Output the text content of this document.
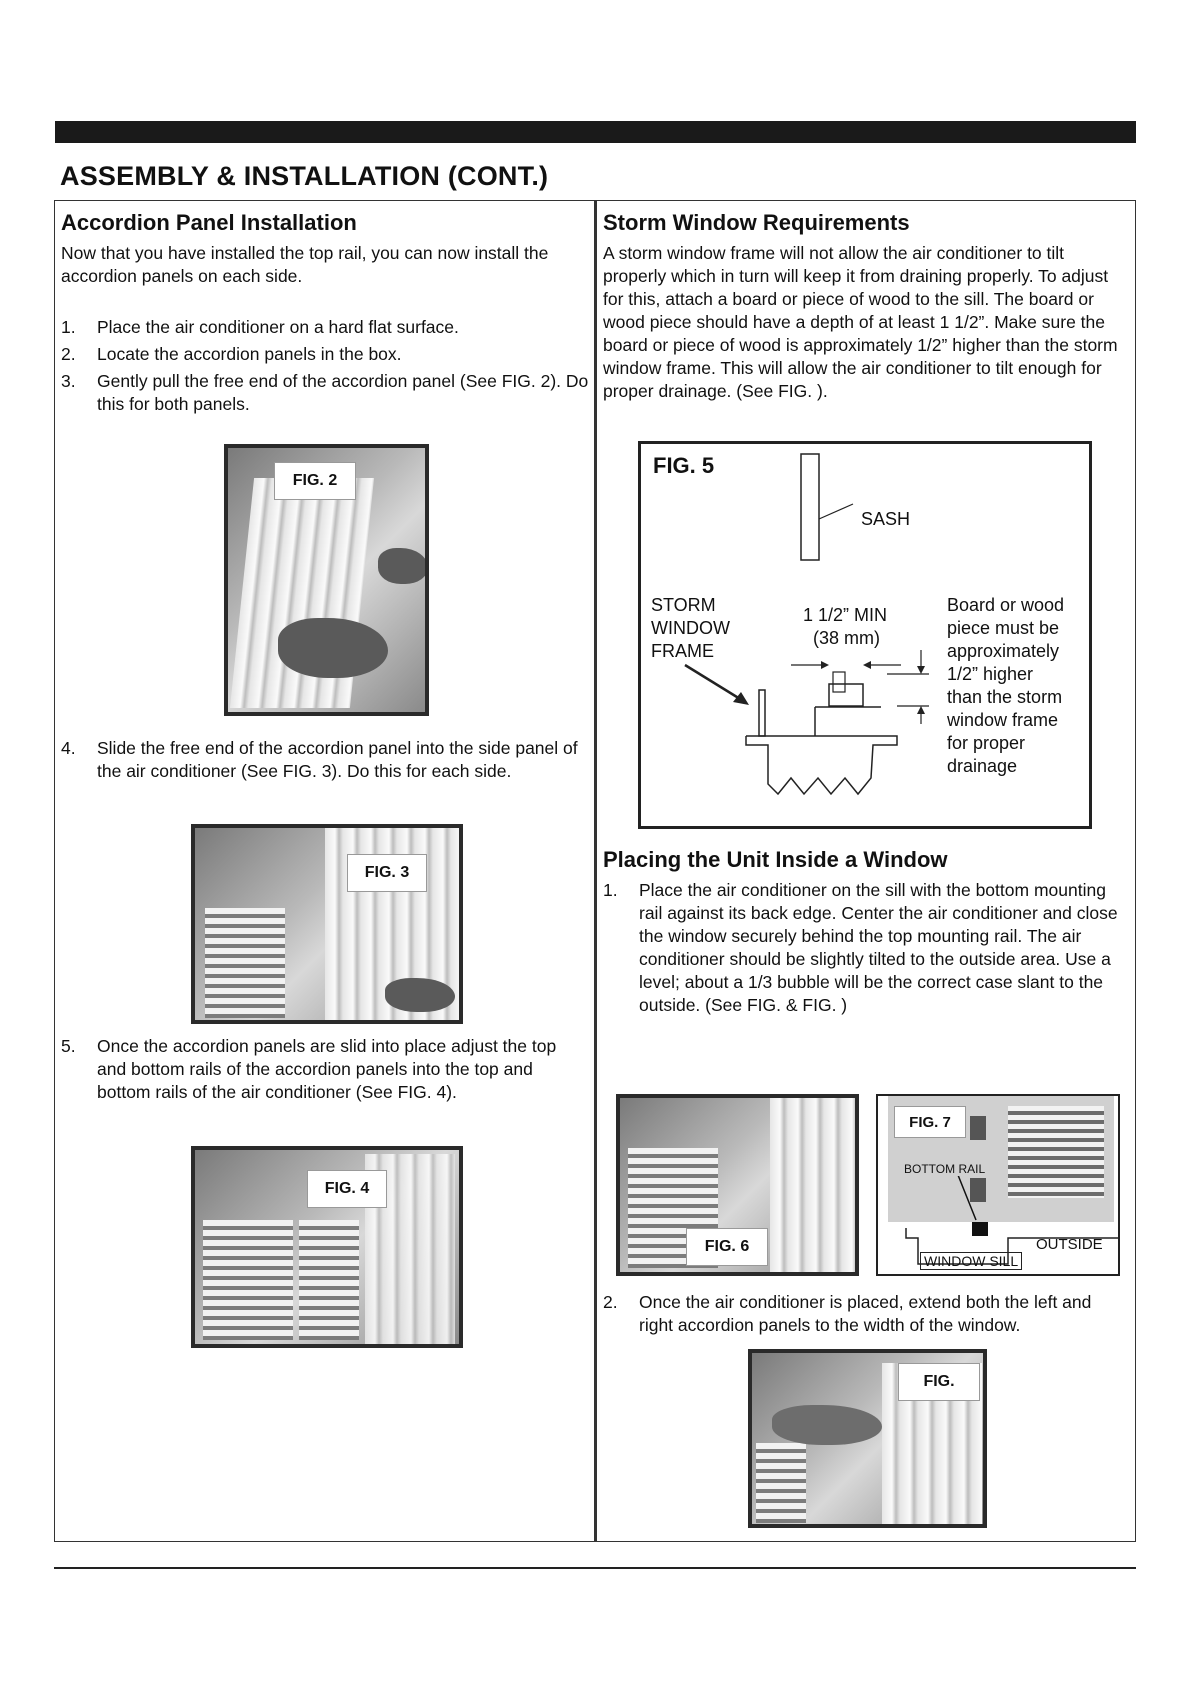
ASSEMBLY & INSTALLATION (CONT.)
Accordion Panel Installation

Now that you have installed the top rail, you can now install the accordion panels on each side.

1. Place the air conditioner on a hard flat surface.
2. Locate the accordion panels in the box.
3. Gently pull the free end of the accordion panel (See FIG. 2). Do this for both panels.
FIG. 2
4. Slide the free end of the accordion panel into the side panel of the air conditioner (See FIG. 3). Do this for each side.
FIG. 3
5. Once the accordion panels are slid into place adjust the top and bottom rails of the accordion panels into the top and bottom rails of the air conditioner (See FIG. 4).
FIG. 4
Storm Window Requirements

A storm window frame will not allow the air conditioner to tilt properly which in turn will keep it from draining properly. To adjust for this, attach a board or piece of wood to the sill. The board or wood piece should have a depth of at least 1 1/2”. Make sure the board or piece of wood is approximately 1/2” higher than the storm window frame. This will allow the air conditioner to tilt enough for proper drainage. (See FIG. ).

FIG. 5
SASH
STORM
WINDOW
FRAME
1 1/2” MIN
(38 mm)
Board or wood
piece must be
approximately
1/2” higher
than the storm
window frame
for proper
drainage
Placing the Unit Inside a Window
1. Place the air conditioner on the sill with the bottom mounting rail against its back edge. Center the air conditioner and close the window securely behind the top mounting rail. The air conditioner should be slightly tilted to the outside area. Use a level; about a 1/3 bubble will be the correct case slant to the outside. (See FIG. & FIG. )
FIG. 6
FIG. 7
BOTTOM RAIL
OUTSIDE
WINDOW SILL
2. Once the air conditioner is placed, extend both the left and right accordion panels to the width of the window.
FIG.
